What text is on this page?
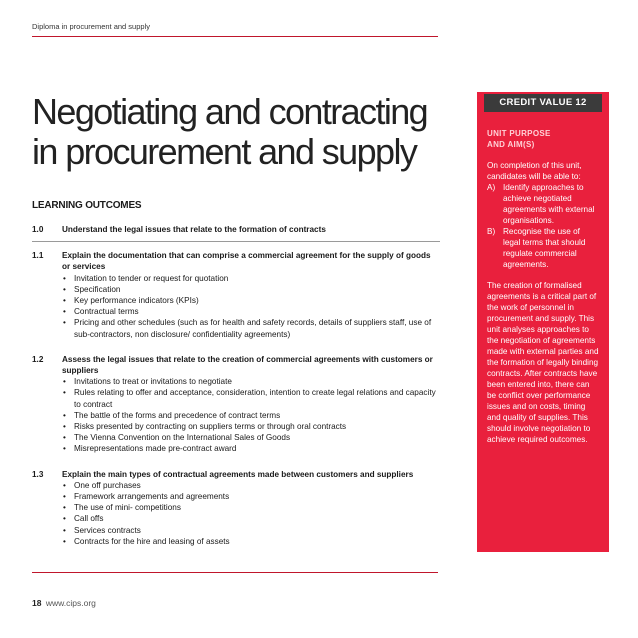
Diploma in procurement and supply
Negotiating and contracting
in procurement and supply
LEARNING OUTCOMES
1.0 Understand the legal issues that relate to the formation of contracts
1.1 Explain the documentation that can comprise a commercial agreement for the supply of goods or services
• Invitation to tender or request for quotation
• Specification
• Key performance indicators (KPIs)
• Contractual terms
• Pricing and other schedules (such as for health and safety records, details of suppliers staff, use of sub-contractors, non disclosure/ confidentiality agreements)
1.2 Assess the legal issues that relate to the creation of commercial agreements with customers or suppliers
• Invitations to treat or invitations to negotiate
• Rules relating to offer and acceptance, consideration, intention to create legal relations and capacity to contract
• The battle of the forms and precedence of contract terms
• Risks presented by contracting on suppliers terms or through oral contracts
• The Vienna Convention on the International Sales of Goods
• Misrepresentations made pre-contract award
1.3 Explain the main types of contractual agreements made between customers and suppliers
• One off purchases
• Framework arrangements and agreements
• The use of mini- competitions
• Call offs
• Services contracts
• Contracts for the hire and leasing of assets
UNIT PURPOSE
AND AIM(S)

On completion of this unit, candidates will be able to:

A) Identify approaches to achieve negotiated agreements with external organisations.
B) Recognise the use of legal terms that should regulate commercial agreements.

The creation of formalised agreements is a critical part of the work of personnel in procurement and supply. This unit analyses approaches to the negotiation of agreements made with external parties and the formation of legally binding contracts. After contracts have been entered into, there can be conflict over performance issues and on costs, timing and quality of supplies. This should involve negotiation to achieve required outcomes.

CREDIT VALUE 12
18 www.cips.org
